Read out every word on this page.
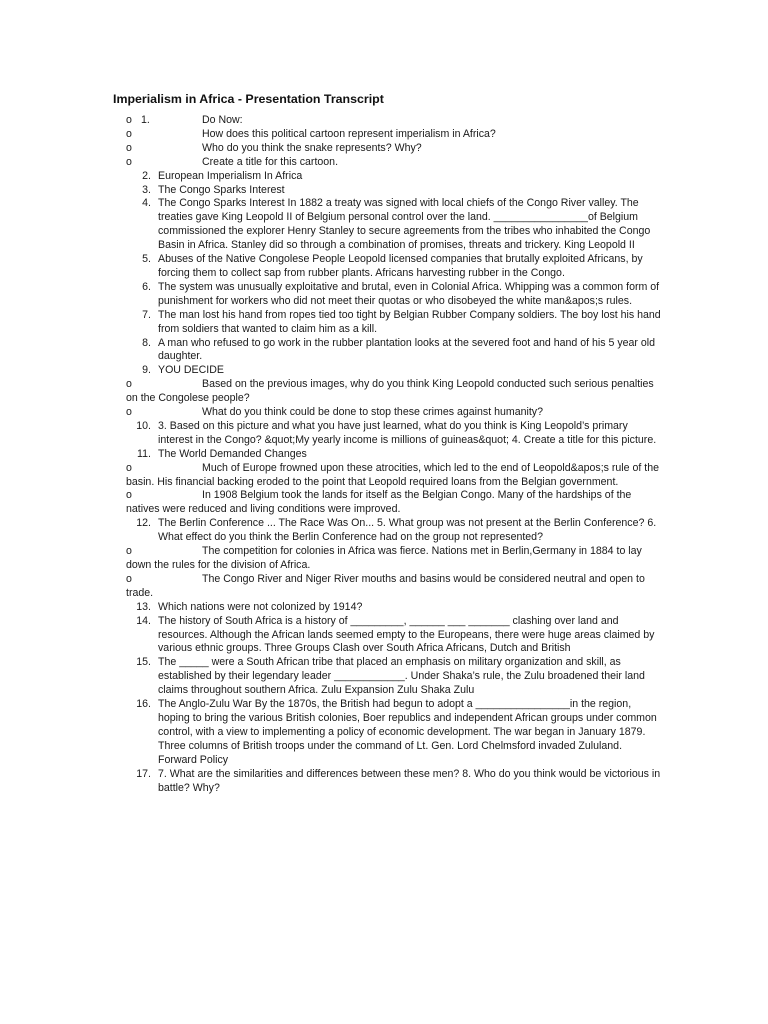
Imperialism in Africa - Presentation Transcript
1.
o	Do Now:
o	How does this political cartoon represent imperialism in Africa?
o	Who do you think the snake represents? Why?
o	Create a title for this cartoon.
2. European Imperialism In Africa
3. The Congo Sparks Interest
4. The Congo Sparks Interest In 1882 a treaty was signed with local chiefs of the Congo River valley. The treaties gave King Leopold II of Belgium personal control over the land. ________________of Belgium commissioned the explorer Henry Stanley to secure agreements from the tribes who inhabited the Congo Basin in Africa. Stanley did so through a combination of promises, threats and trickery. King Leopold II
5. Abuses of the Native Congolese People Leopold licensed companies that brutally exploited Africans, by forcing them to collect sap from rubber plants. Africans harvesting rubber in the Congo.
6. The system was unusually exploitative and brutal, even in Colonial Africa. Whipping was a common form of punishment for workers who did not meet their quotas or who disobeyed the white man&apos;s rules.
7. The man lost his hand from ropes tied too tight by Belgian Rubber Company soldiers. The boy lost his hand from soldiers that wanted to claim him as a kill.
8. A man who refused to go work in the rubber plantation looks at the severed foot and hand of his 5 year old daughter.
9. YOU DECIDE
o	Based on the previous images, why do you think King Leopold conducted such serious penalties on the Congolese people?
o	What do you think could be done to stop these crimes against humanity?
10. 3. Based on this picture and what you have just learned, what do you think is King Leopold’s primary interest in the Congo? &quot;My yearly income is millions of guineas&quot; 4. Create a title for this picture.
11. The World Demanded Changes
o	Much of Europe frowned upon these atrocities, which led to the end of Leopold&apos;s rule of the basin. His financial backing eroded to the point that Leopold required loans from the Belgian government.
o	In 1908 Belgium took the lands for itself as the Belgian Congo. Many of the hardships of the natives were reduced and living conditions were improved.
12. The Berlin Conference ... The Race Was On... 5. What group was not present at the Berlin Conference? 6. What effect do you think the Berlin Conference had on the group not represented?
o	The competition for colonies in Africa was fierce. Nations met in Berlin,Germany in 1884 to lay down the rules for the division of Africa.
o	The Congo River and Niger River mouths and basins would be considered neutral and open to trade.
13. Which nations were not colonized by 1914?
14. The history of South Africa is a history of _________, ______ ___ _______ clashing over land and resources. Although the African lands seemed empty to the Europeans, there were huge areas claimed by various ethnic groups. Three Groups Clash over South Africa Africans, Dutch and British
15. The _____ were a South African tribe that placed an emphasis on military organization and skill, as established by their legendary leader ____________. Under Shaka’s rule, the Zulu broadened their land claims throughout southern Africa. Zulu Expansion Zulu Shaka Zulu
16. The Anglo-Zulu War By the 1870s, the British had begun to adopt a ________________in the region, hoping to bring the various British colonies, Boer republics and independent African groups under common control, with a view to implementing a policy of economic development. The war began in January 1879. Three columns of British troops under the command of Lt. Gen. Lord Chelmsford invaded Zululand. Forward Policy
17. 7. What are the similarities and differences between these men? 8. Who do you think would be victorious in battle? Why?
